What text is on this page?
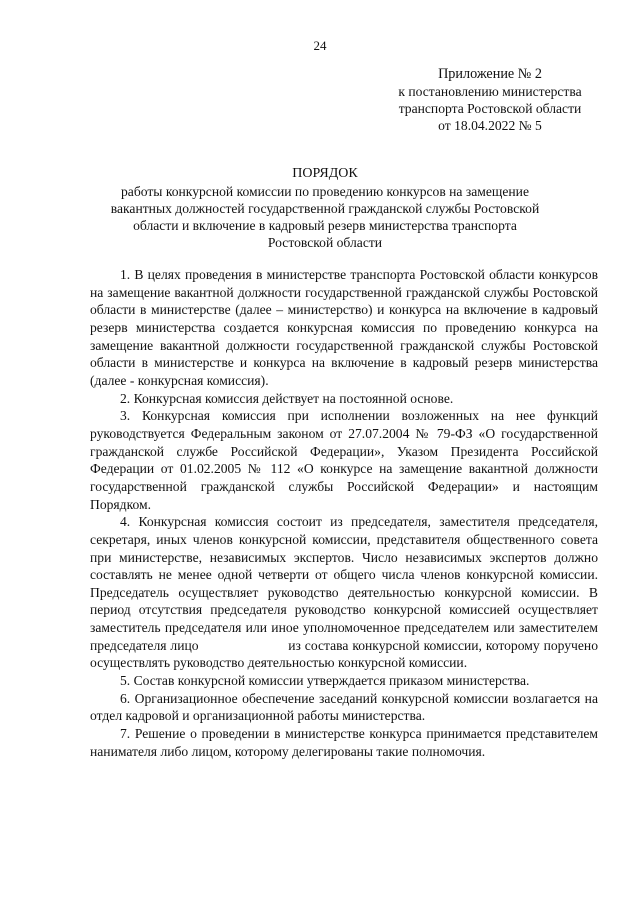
24
Приложение № 2
к постановлению министерства
транспорта Ростовской области
от 18.04.2022 № 5
ПОРЯДОК
работы конкурсной комиссии по проведению конкурсов на замещение
вакантных должностей государственной гражданской службы Ростовской
области и включение в кадровый резерв министерства транспорта
Ростовской области

1. В целях проведения в министерстве транспорта Ростовской области конкурсов на замещение вакантной должности государственной гражданской службы Ростовской области в министерстве (далее – министерство) и конкурса на включение в кадровый резерв министерства создается конкурсная комиссия по проведению конкурса на замещение вакантной должности государственной гражданской службы Ростовской области в министерстве и конкурса на включение в кадровый резерв министерства (далее - конкурсная комиссия).

2. Конкурсная комиссия действует на постоянной основе.

3. Конкурсная комиссия при исполнении возложенных на нее функций руководствуется Федеральным законом от 27.07.2004 № 79-ФЗ «О государственной гражданской службе Российской Федерации», Указом Президента Российской Федерации от 01.02.2005 № 112 «О конкурсе на замещение вакантной должности государственной гражданской службы Российской Федерации» и настоящим Порядком.

4. Конкурсная комиссия состоит из председателя, заместителя председателя, секретаря, иных членов конкурсной комиссии, представителя общественного совета при министерстве, независимых экспертов. Число независимых экспертов должно составлять не менее одной четверти от общего числа членов конкурсной комиссии. Председатель осуществляет руководство деятельностью конкурсной комиссии. В период отсутствия председателя руководство конкурсной комиссией осуществляет заместитель председателя или иное уполномоченное председателем или заместителем председателя лицо                       из состава конкурсной комиссии, которому поручено осуществлять руководство деятельностью конкурсной комиссии.

5. Состав конкурсной комиссии утверждается приказом министерства.

6. Организационное обеспечение заседаний конкурсной комиссии возлагается на отдел кадровой и организационной работы министерства.

7. Решение о проведении в министерстве конкурса принимается представителем нанимателя либо лицом, которому делегированы такие полномочия.
